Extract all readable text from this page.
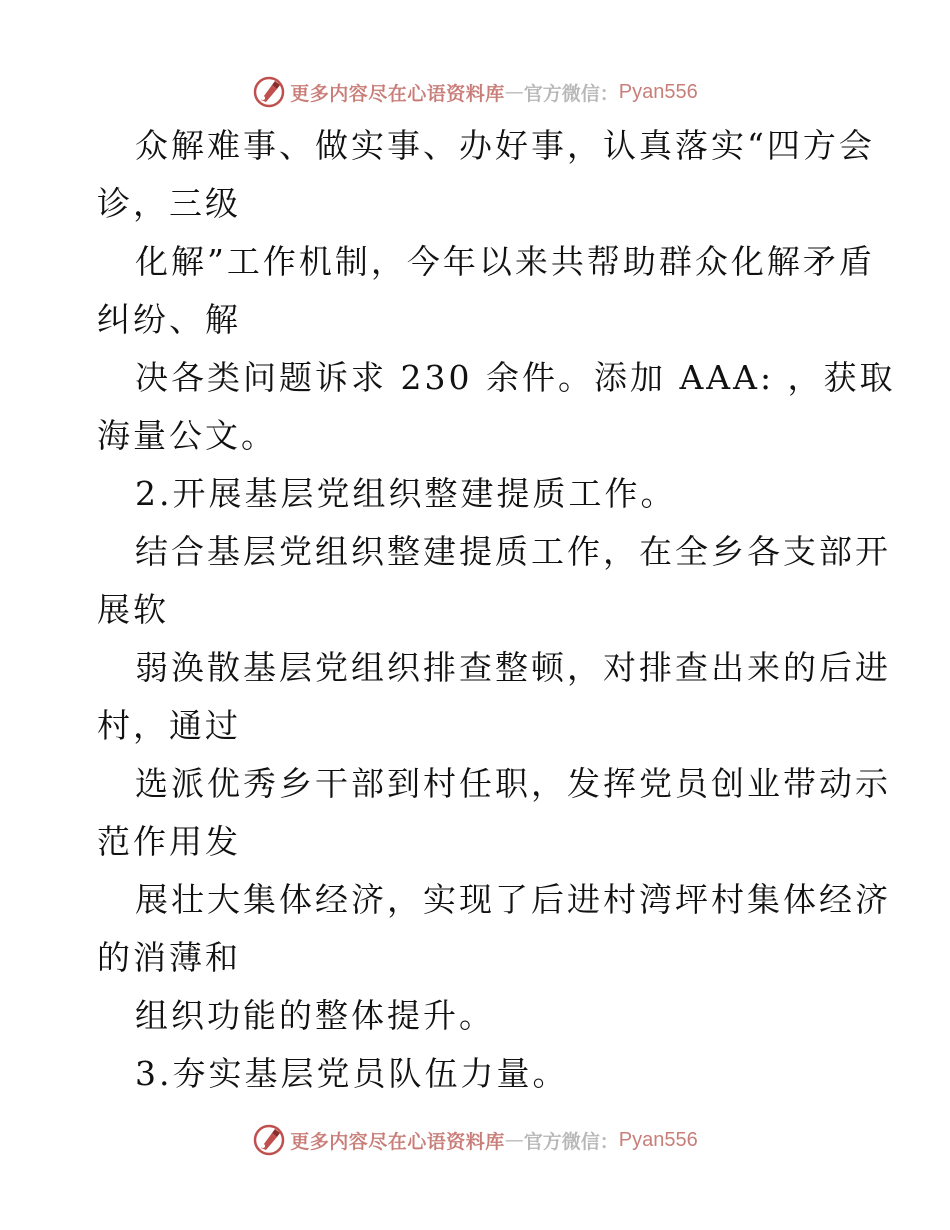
更多内容尽在心语资料库 — 官方微信： Pyan556
众解难事、做实事、办好事，认真落实“四方会
诊，三级
化解”工作机制，今年以来共帮助群众化解矛盾
纠纷、解
决各类问题诉求 230 余件。添加 AAA: ，获取
海量公文。
2.开展基层党组织整建提质工作。
结合基层党组织整建提质工作，在全乡各支部开
展软
弱涣散基层党组织排查整顿，对排查出来的后进
村，通过
选派优秀乡干部到村任职，发挥党员创业带动示
范作用发
展壮大集体经济，实现了后进村湾坪村集体经济
的消薄和
组织功能的整体提升。
3.夯实基层党员队伍力量。
更多内容尽在心语资料库 — 官方微信： Pyan556
